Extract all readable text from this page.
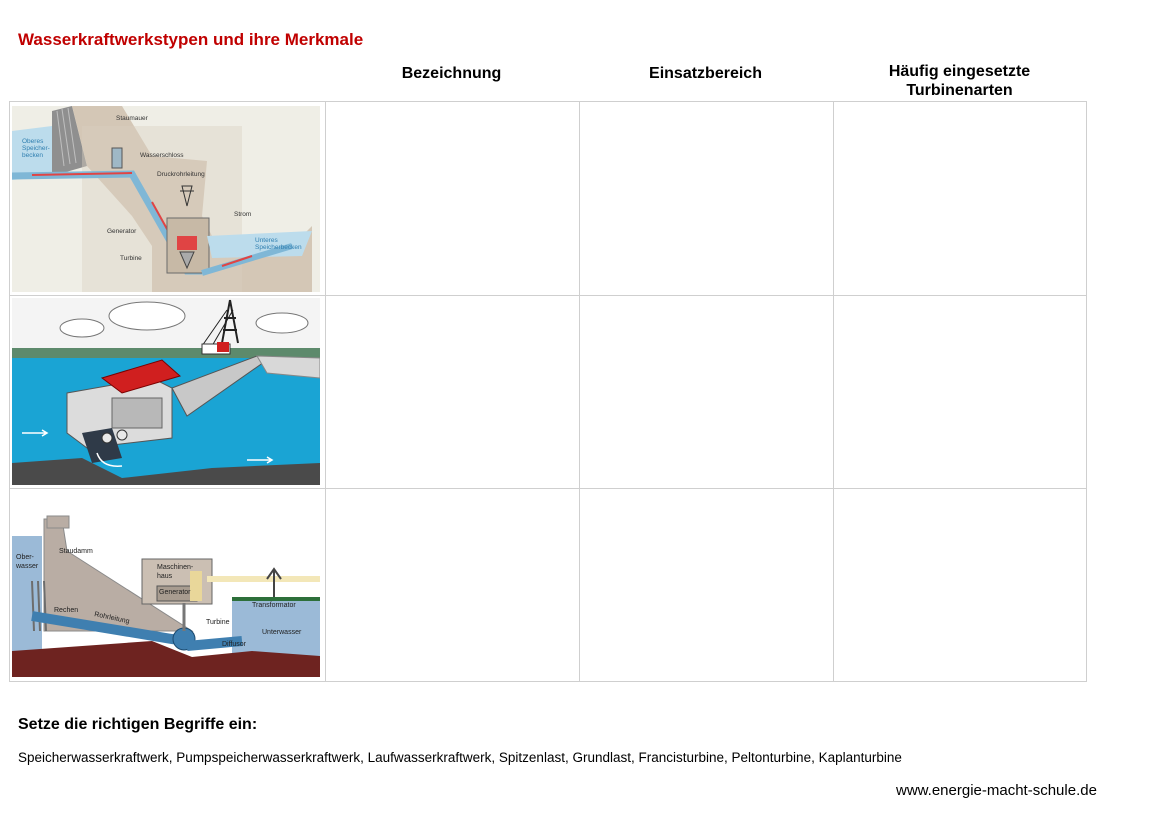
Wasserkraftwerkstypen und ihre Merkmale
Bezeichnung	Einsatzbereich	Häufig eingesetzte
Turbinenarten
Staumauer
Oberes
Speicher-
becken	Wasserschloss
Druckrohrleitung
Strom
Generator
Turbine
Unteres
Speicherbecken
Ober-
wasser
Staudamm
Maschinen-
haus
Generator
Transformator
Rechen
Rohrleitung	Turbine
Unterwasser
Diffusor
Setze die richtigen Begriffe ein:
Speicherwasserkraftwerk, Pumpspeicherwasserkraftwerk, Laufwasserkraftwerk, Spitzenlast, Grundlast, Francisturbine, Peltonturbine, Kaplanturbine
www.energie-macht-schule.de
